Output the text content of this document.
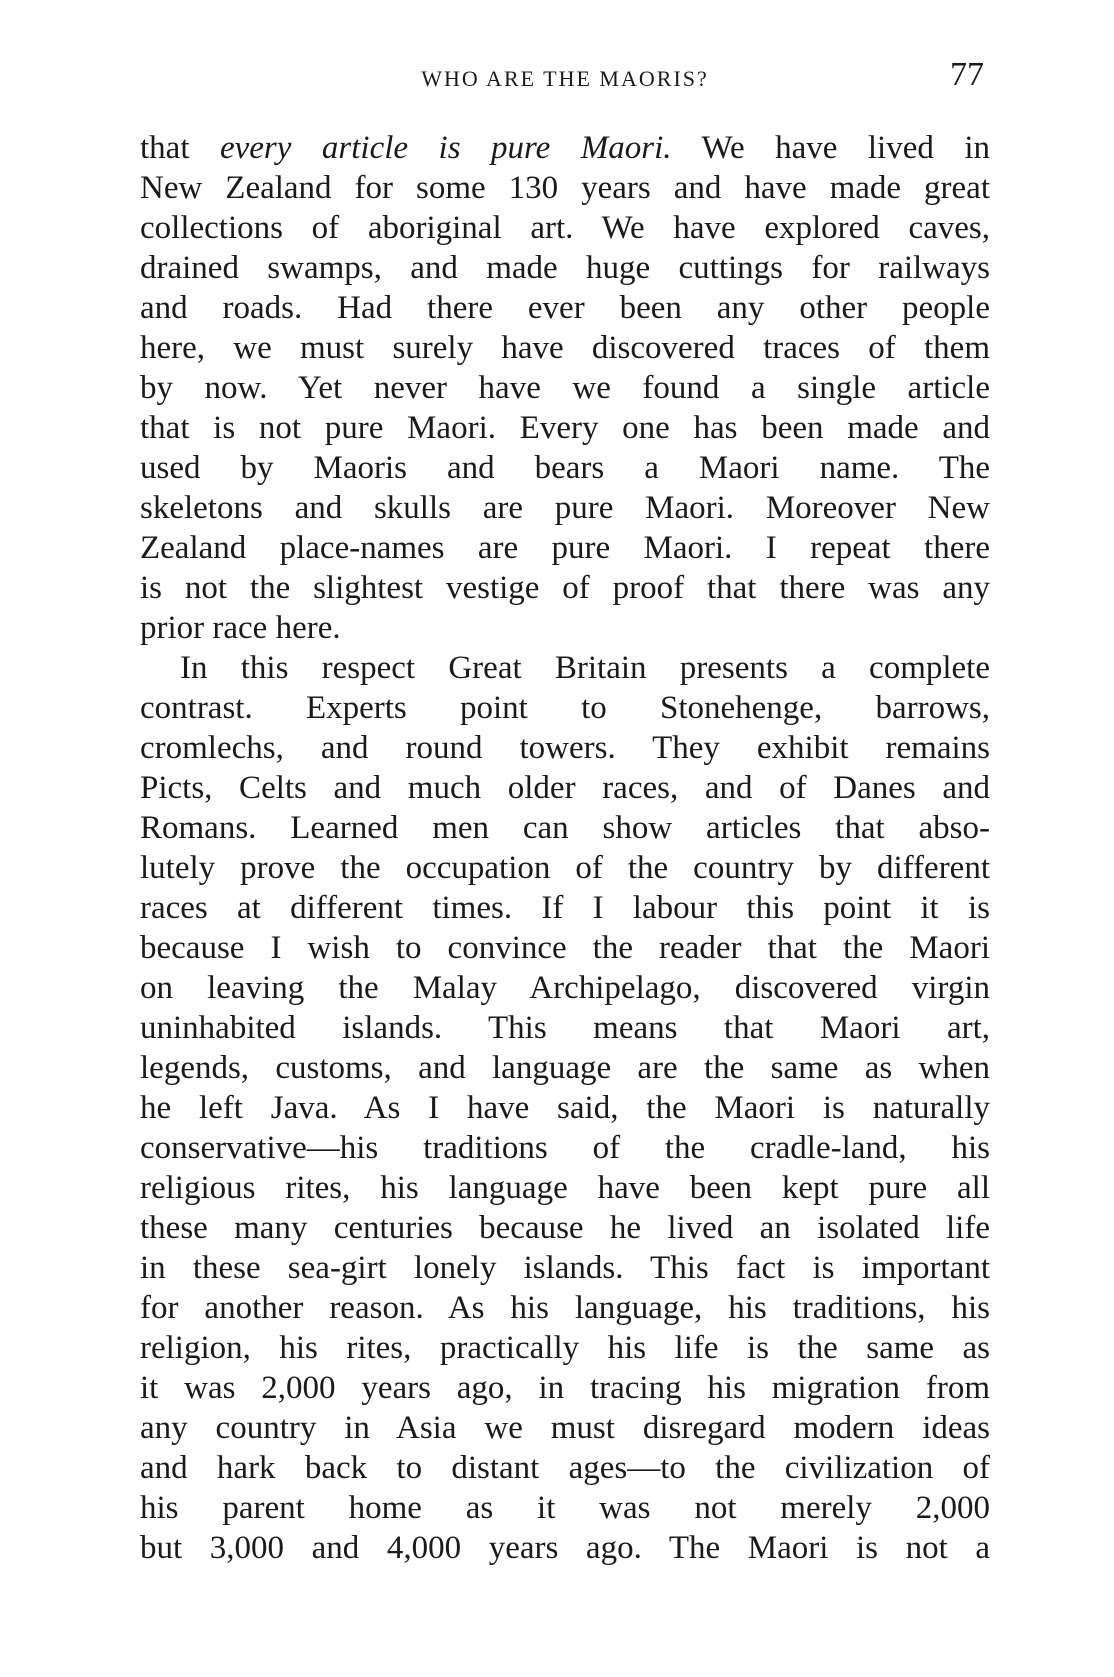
WHO ARE THE MAORIS?	77
that every article is pure Maori. We have lived in
New Zealand for some 130 years and have made great
collections of aboriginal art. We have explored caves,
drained swamps, and made huge cuttings for railways
and roads. Had there ever been any other people
here, we must surely have discovered traces of them
by now. Yet never have we found a single article
that is not pure Maori. Every one has been made and
used by Maoris and bears a Maori name. The
skeletons and skulls are pure Maori. Moreover New
Zealand place-names are pure Maori. I repeat there
is not the slightest vestige of proof that there was any
prior race here.
In this respect Great Britain presents a complete
contrast. Experts point to Stonehenge, barrows,
cromlechs, and round towers. They exhibit remains
Picts, Celts and much older races, and of Danes and
Romans. Learned men can show articles that abso-
lutely prove the occupation of the country by different
races at different times. If I labour this point it is
because I wish to convince the reader that the Maori
on leaving the Malay Archipelago, discovered virgin
uninhabited islands. This means that Maori art,
legends, customs, and language are the same as when
he left Java. As I have said, the Maori is naturally
conservative—his traditions of the cradle-land, his
religious rites, his language have been kept pure all
these many centuries because he lived an isolated life
in these sea-girt lonely islands. This fact is important
for another reason. As his language, his traditions, his
religion, his rites, practically his life is the same as
it was 2,000 years ago, in tracing his migration from
any country in Asia we must disregard modern ideas
and hark back to distant ages—to the civilization of
his parent home as it was not merely 2,000
but 3,000 and 4,000 years ago. The Maori is not a
